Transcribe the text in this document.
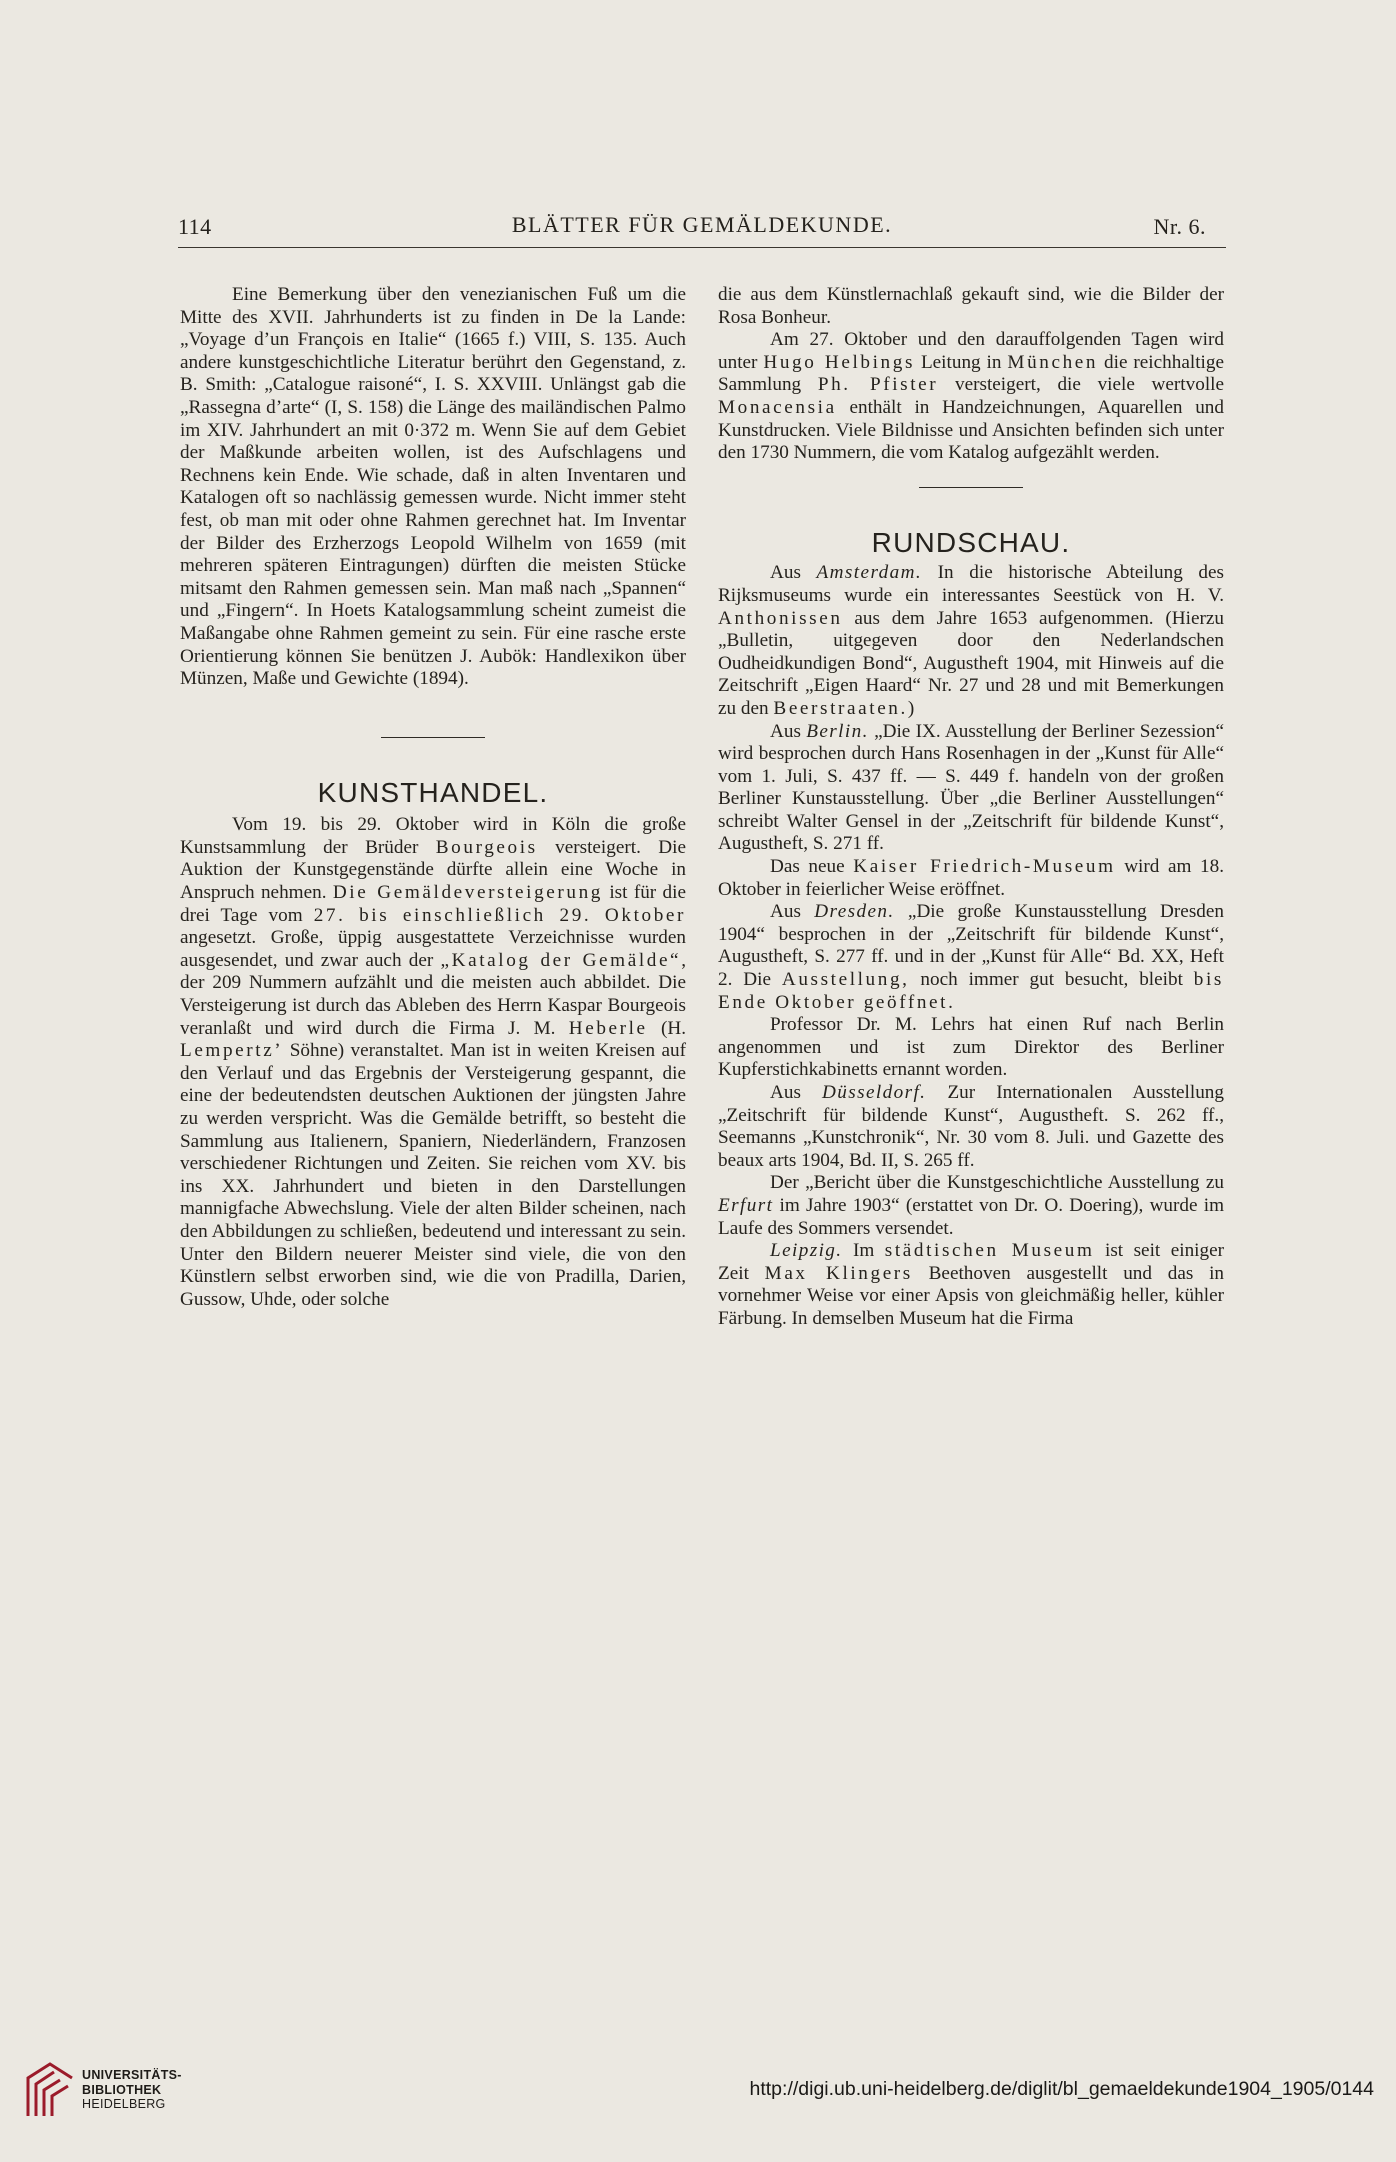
114	BLÄTTER FÜR GEMÄLDEKUNDE.	Nr. 6.

Eine Bemerkung über den venezianischen Fuß um die Mitte des XVII. Jahrhunderts ist zu finden in De la Lande: „Voyage d’un François en Italie“ (1665 f.) VIII, S. 135. Auch andere kunstgeschichtliche Literatur berührt den Gegenstand, z. B. Smith: „Catalogue raisoné“, I. S. XXVIII. Unlängst gab die „Rassegna d’arte“ (I, S. 158) die Länge des mailändischen Palmo im XIV. Jahrhundert an mit 0·372 m. Wenn Sie auf dem Gebiet der Maßkunde arbeiten wollen, ist des Aufschlagens und Rechnens kein Ende. Wie schade, daß in alten Inventaren und Katalogen oft so nachlässig gemessen wurde. Nicht immer steht fest, ob man mit oder ohne Rahmen gerechnet hat. Im Inventar der Bilder des Erzherzogs Leopold Wilhelm von 1659 (mit mehreren späteren Eintragungen) dürften die meisten Stücke mitsamt den Rahmen gemessen sein. Man maß nach „Spannen“ und „Fingern“. In Hoets Katalogsammlung scheint zumeist die Maßangabe ohne Rahmen gemeint zu sein. Für eine rasche erste Orientierung können Sie benützen J. Aubök: Handlexikon über Münzen, Maße und Gewichte (1894).

KUNSTHANDEL.

Vom 19. bis 29. Oktober wird in Köln die große Kunstsammlung der Brüder Bourgeois versteigert. Die Auktion der Kunstgegenstände dürfte allein eine Woche in Anspruch nehmen. Die Gemäldeversteigerung ist für die drei Tage vom 27. bis einschließlich 29. Oktober angesetzt. Große, üppig ausgestattete Verzeichnisse wurden ausgesendet, und zwar auch der „Katalog der Gemälde“, der 209 Nummern aufzählt und die meisten auch abbildet. Die Versteigerung ist durch das Ableben des Herrn Kaspar Bourgeois veranlaßt und wird durch die Firma J. M. Heberle (H. Lempertz’ Söhne) veranstaltet. Man ist in weiten Kreisen auf den Verlauf und das Ergebnis der Versteigerung gespannt, die eine der bedeutendsten deutschen Auktionen der jüngsten Jahre zu werden verspricht. Was die Gemälde betrifft, so besteht die Sammlung aus Italienern, Spaniern, Niederländern, Franzosen verschiedener Richtungen und Zeiten. Sie reichen vom XV. bis ins XX. Jahrhundert und bieten in den Darstellungen mannigfache Abwechslung. Viele der alten Bilder scheinen, nach den Abbildungen zu schließen, bedeutend und interessant zu sein. Unter den Bildern neuerer Meister sind viele, die von den Künstlern selbst erworben sind, wie die von Pradilla, Darien, Gussow, Uhde, oder solche

die aus dem Künstlernachlaß gekauft sind, wie die Bilder der Rosa Bonheur.

Am 27. Oktober und den darauffolgenden Tagen wird unter Hugo Helbings Leitung in München die reichhaltige Sammlung Ph. Pfister versteigert, die viele wertvolle Monacensia enthält in Handzeichnungen, Aquarellen und Kunstdrucken. Viele Bildnisse und Ansichten befinden sich unter den 1730 Nummern, die vom Katalog aufgezählt werden.

RUNDSCHAU.

Aus Amsterdam. In die historische Abteilung des Rijksmuseums wurde ein interessantes Seestück von H. V. Anthonissen aus dem Jahre 1653 aufgenommen. (Hierzu „Bulletin, uitgegeven door den Nederlandschen Oudheidkundigen Bond“, Augustheft 1904, mit Hinweis auf die Zeitschrift „Eigen Haard“ Nr. 27 und 28 und mit Bemerkungen zu den Beerstraaten.)

Aus Berlin. „Die IX. Ausstellung der Berliner Sezession“ wird besprochen durch Hans Rosenhagen in der „Kunst für Alle“ vom 1. Juli, S. 437 ff. — S. 449 f. handeln von der großen Berliner Kunstausstellung. Über „die Berliner Ausstellungen“ schreibt Walter Gensel in der „Zeitschrift für bildende Kunst“, Augustheft, S. 271 ff.

Das neue Kaiser Friedrich-Museum wird am 18. Oktober in feierlicher Weise eröffnet.

Aus Dresden. „Die große Kunstausstellung Dresden 1904“ besprochen in der „Zeitschrift für bildende Kunst“, Augustheft, S. 277 ff. und in der „Kunst für Alle“ Bd. XX, Heft 2. Die Ausstellung, noch immer gut besucht, bleibt bis Ende Oktober geöffnet.

Professor Dr. M. Lehrs hat einen Ruf nach Berlin angenommen und ist zum Direktor des Berliner Kupferstichkabinetts ernannt worden.

Aus Düsseldorf. Zur Internationalen Ausstellung „Zeitschrift für bildende Kunst“, Augustheft. S. 262 ff., Seemanns „Kunstchronik“, Nr. 30 vom 8. Juli. und Gazette des beaux arts 1904, Bd. II, S. 265 ff.

Der „Bericht über die Kunstgeschichtliche Ausstellung zu Erfurt im Jahre 1903“ (erstattet von Dr. O. Doering), wurde im Laufe des Sommers versendet.

Leipzig. Im städtischen Museum ist seit einiger Zeit Max Klingers Beethoven ausgestellt und das in vornehmer Weise vor einer Apsis von gleichmäßig heller, kühler Färbung. In demselben Museum hat die Firma

UNIVERSITÄTS-
BIBLIOTHEK
HEIDELBERG
http://digi.ub.uni-heidelberg.de/diglit/bl_gemaeldekunde1904_1905/0144
